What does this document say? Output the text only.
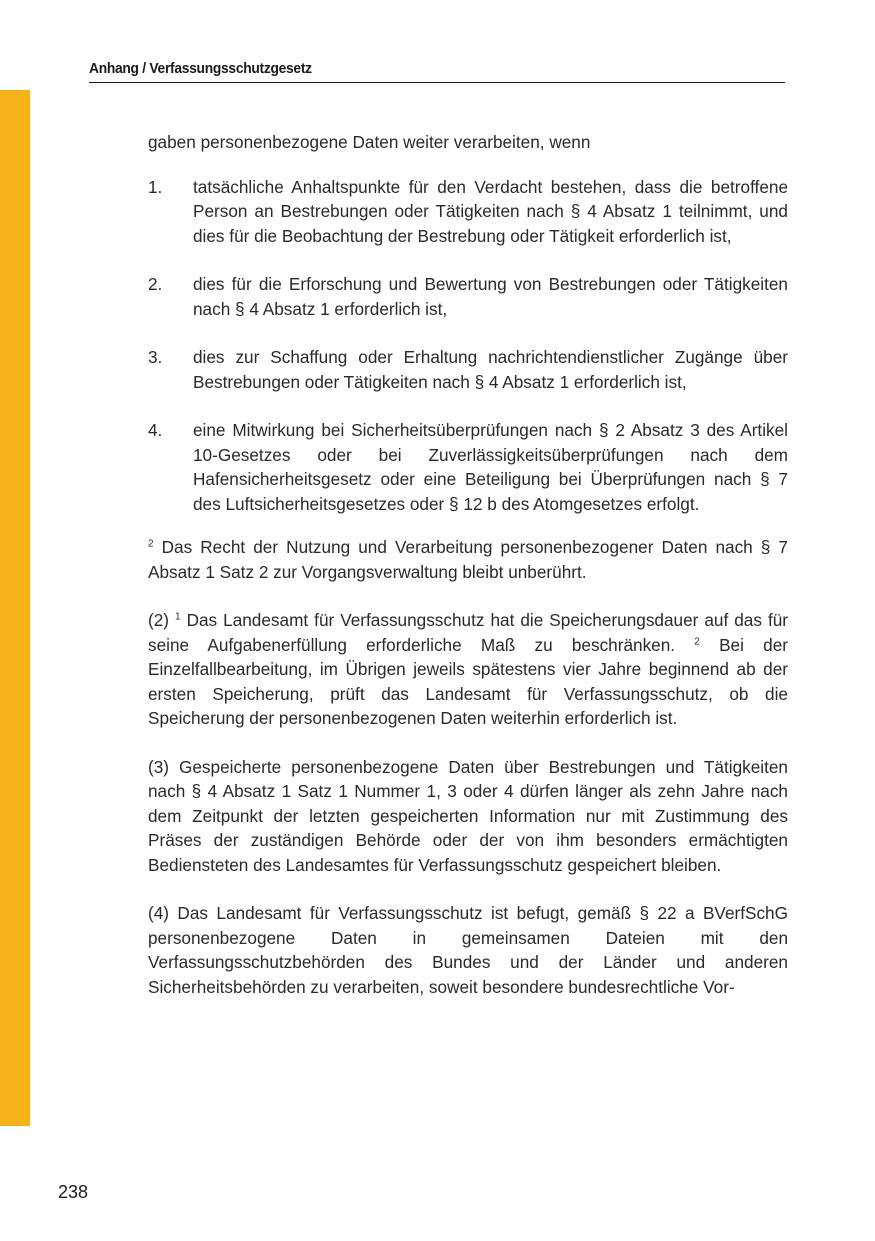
Anhang / Verfassungsschutzgesetz

gaben personenbezogene Daten weiter verarbeiten, wenn

1. tatsächliche Anhaltspunkte für den Verdacht bestehen, dass die betroffene Person an Bestrebungen oder Tätigkeiten nach § 4 Absatz 1 teilnimmt, und dies für die Beobachtung der Bestrebung oder Tätigkeit erforderlich ist,
2. dies für die Erforschung und Bewertung von Bestrebungen oder Tätigkeiten nach § 4 Absatz 1 erforderlich ist,
3. dies zur Schaffung oder Erhaltung nachrichtendienstlicher Zugänge über Bestrebungen oder Tätigkeiten nach § 4 Absatz 1 erforderlich ist,
4. eine Mitwirkung bei Sicherheitsüberprüfungen nach § 2 Absatz 3 des Artikel 10-Gesetzes oder bei Zuverlässigkeitsüberprüfungen nach dem Hafensicherheitsgesetz oder eine Beteiligung bei Überprüfungen nach § 7 des Luftsicherheitsgesetzes oder § 12 b des Atomgesetzes erfolgt.

$^2$ Das Recht der Nutzung und Verarbeitung personenbezogener Daten nach § 7 Absatz 1 Satz 2 zur Vorgangsverwaltung bleibt unberührt.

(2) $^1$ Das Landesamt für Verfassungsschutz hat die Speicherungsdauer auf das für seine Aufgabenerfüllung erforderliche Maß zu beschränken. $^2$ Bei der Einzelfallbearbeitung, im Übrigen jeweils spätestens vier Jahre beginnend ab der ersten Speicherung, prüft das Landesamt für Verfassungsschutz, ob die Speicherung der personenbezogenen Daten weiterhin erforderlich ist.

(3) Gespeicherte personenbezogene Daten über Bestrebungen und Tätigkeiten nach § 4 Absatz 1 Satz 1 Nummer 1, 3 oder 4 dürfen länger als zehn Jahre nach dem Zeitpunkt der letzten gespeicherten Information nur mit Zustimmung des Präses der zuständigen Behörde oder der von ihm besonders ermächtigten Bediensteten des Landesamtes für Verfassungsschutz gespeichert bleiben.

(4) Das Landesamt für Verfassungsschutz ist befugt, gemäß § 22 a BVerfSchG personenbezogene Daten in gemeinsamen Dateien mit den Verfassungsschutzbehörden des Bundes und der Länder und anderen Sicherheitsbehörden zu verarbeiten, soweit besondere bundesrechtliche Vor-

238
